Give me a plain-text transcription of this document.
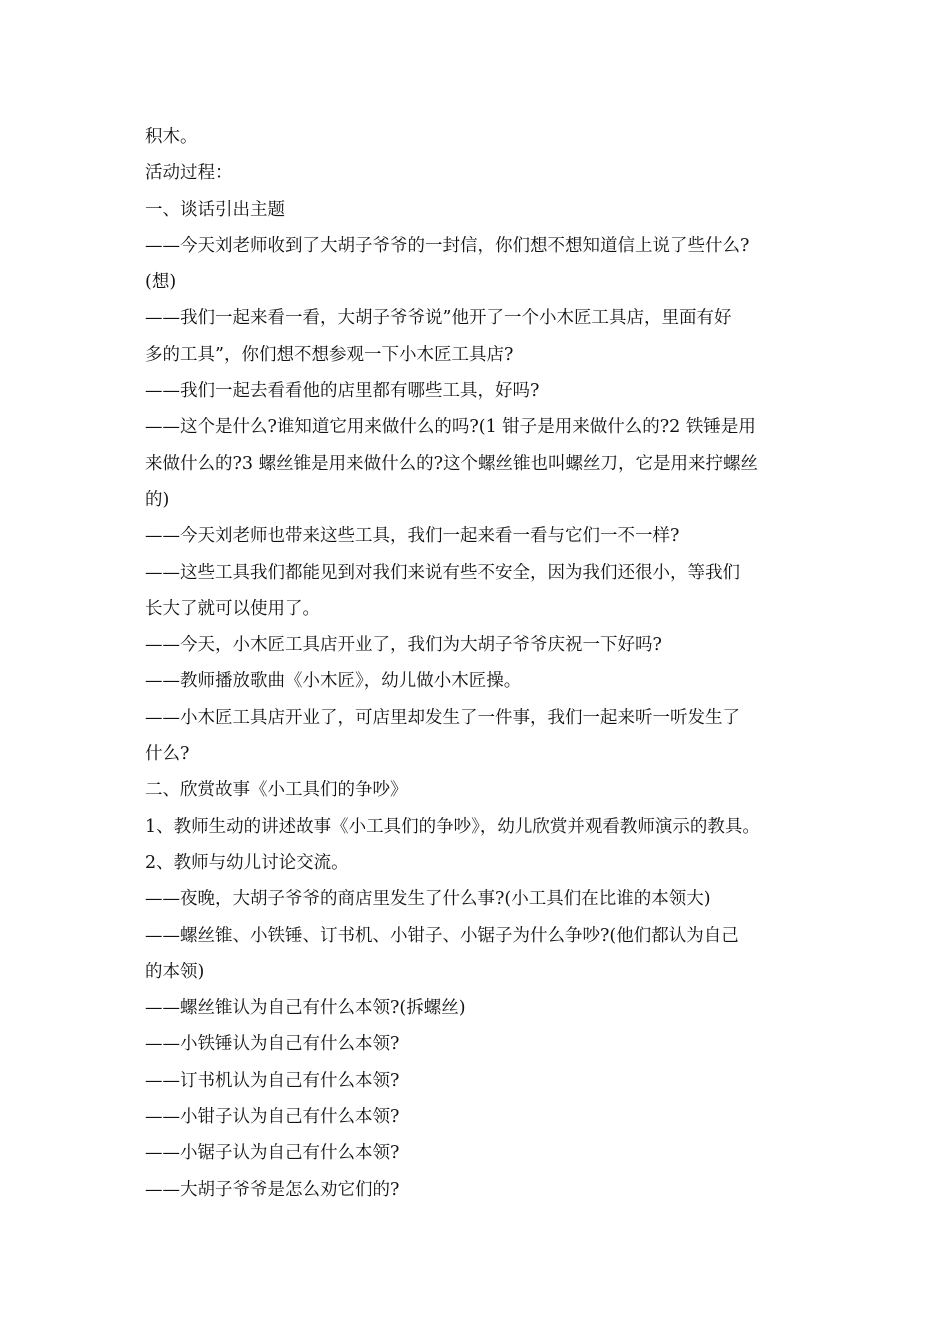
积木。
活动过程：
一、谈话引出主题
——今天刘老师收到了大胡子爷爷的一封信，你们想不想知道信上说了些什么?
(想)
——我们一起来看一看，大胡子爷爷说”他开了一个小木匠工具店，里面有好
多的工具”，你们想不想参观一下小木匠工具店?
——我们一起去看看他的店里都有哪些工具，好吗?
——这个是什么?谁知道它用来做什么的吗?(1 钳子是用来做什么的?2 铁锤是用
来做什么的?3 螺丝锥是用来做什么的?这个螺丝锥也叫螺丝刀，它是用来拧螺丝
的)
——今天刘老师也带来这些工具，我们一起来看一看与它们一不一样?
——这些工具我们都能见到对我们来说有些不安全，因为我们还很小，等我们
长大了就可以使用了。
——今天，小木匠工具店开业了，我们为大胡子爷爷庆祝一下好吗?
——教师播放歌曲《小木匠》，幼儿做小木匠操。
——小木匠工具店开业了，可店里却发生了一件事，我们一起来听一听发生了
什么?
二、欣赏故事《小工具们的争吵》
1、教师生动的讲述故事《小工具们的争吵》，幼儿欣赏并观看教师演示的教具。
2、教师与幼儿讨论交流。
——夜晚，大胡子爷爷的商店里发生了什么事?(小工具们在比谁的本领大)
——螺丝锥、小铁锤、订书机、小钳子、小锯子为什么争吵?(他们都认为自己
的本领)
——螺丝锥认为自己有什么本领?(拆螺丝)
——小铁锤认为自己有什么本领?
——订书机认为自己有什么本领?
——小钳子认为自己有什么本领?
——小锯子认为自己有什么本领?
——大胡子爷爷是怎么劝它们的?
